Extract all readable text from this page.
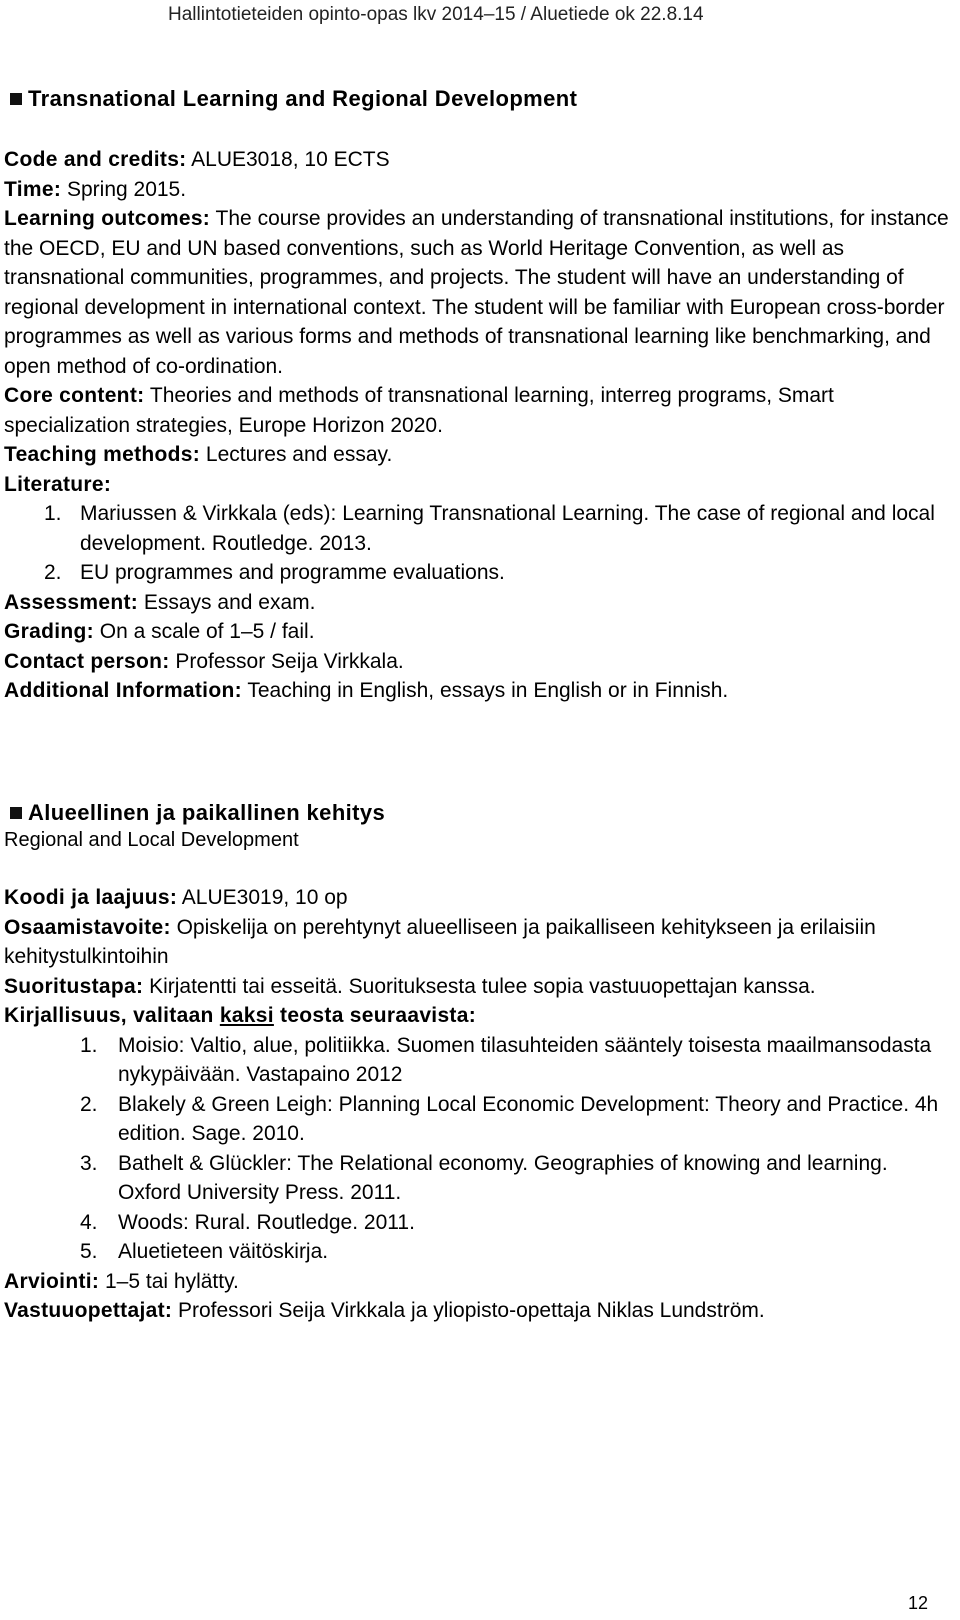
Hallintotieteiden opinto-opas lkv 2014–15 / Aluetiede ok 22.8.14
Transnational Learning and Regional Development
Code and credits: ALUE3018, 10 ECTS
Time: Spring 2015.
Learning outcomes: The course provides an understanding of transnational institutions, for instance the OECD, EU and UN based conventions, such as World Heritage Convention, as well as transnational communities, programmes, and projects. The student will have an understanding of regional development in international context. The student will be familiar with European cross-border programmes as well as various forms and methods of transnational learning like benchmarking, and open method of co-ordination.
Core content: Theories and methods of transnational learning, interreg programs, Smart specialization strategies, Europe Horizon 2020.
Teaching methods: Lectures and essay.
Literature:
1. Mariussen & Virkkala (eds): Learning Transnational Learning. The case of regional and local development. Routledge. 2013.
2. EU programmes and programme evaluations.
Assessment: Essays and exam.
Grading: On a scale of 1–5 / fail.
Contact person: Professor Seija Virkkala.
Additional Information: Teaching in English, essays in English or in Finnish.
Alueellinen ja paikallinen kehitys
Regional and Local Development
Koodi ja laajuus: ALUE3019, 10 op
Osaamistavoite: Opiskelija on perehtynyt alueelliseen ja paikalliseen kehitykseen ja erilaisiin kehitystulkintoihin
Suoritustapa: Kirjatentti tai esseitä. Suorituksesta tulee sopia vastuuopettajan kanssa.
Kirjallisuus, valitaan kaksi teosta seuraavista:
1. Moisio: Valtio, alue, politiikka. Suomen tilasuhteiden sääntely toisesta maailmansodasta nykypäivään. Vastapaino 2012
2. Blakely & Green Leigh: Planning Local Economic Development: Theory and Practice. 4h edition. Sage. 2010.
3. Bathelt & Glückler: The Relational economy. Geographies of knowing and learning. Oxford University Press. 2011.
4. Woods: Rural. Routledge. 2011.
5. Aluetieteen väitöskirja.
Arviointi: 1–5 tai hylätty.
Vastuuopettajat: Professori Seija Virkkala ja yliopisto-opettaja Niklas Lundström.
12
